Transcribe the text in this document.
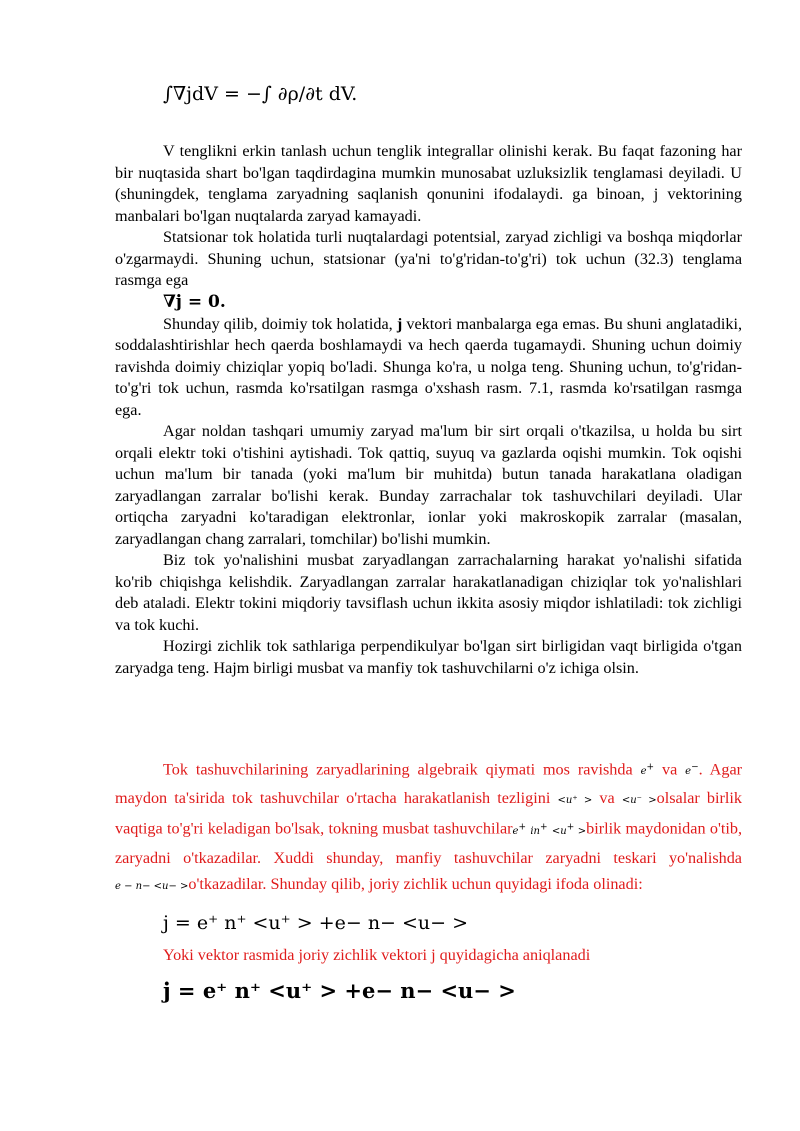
∫∇jdV = −∫ ∂ρ/∂t dV.

V tenglikni erkin tanlash uchun tenglik integrallar olinishi kerak. Bu faqat fazoning har bir nuqtasida shart bo'lgan taqdirdagina mumkin munosabat uzluksizlik tenglamasi deyiladi. U (shuningdek, tenglama zaryadning saqlanish qonunini ifodalaydi. ga binoan, j vektorining manbalari bo'lgan nuqtalarda zaryad kamayadi.

Statsionar tok holatida turli nuqtalardagi potentsial, zaryad zichligi va boshqa miqdorlar o'zgarmaydi. Shuning uchun, statsionar (ya'ni to'g'ridan-to'g'ri) tok uchun (32.3) tenglama rasmga ega

∇j = 0.

Shunday qilib, doimiy tok holatida, j vektori manbalarga ega emas. Bu shuni anglatadiki, soddalashtirishlar hech qaerda boshlamaydi va hech qaerda tugamaydi. Shuning uchun doimiy ravishda doimiy chiziqlar yopiq bo'ladi. Shunga ko'ra, u nolga teng. Shuning uchun, to'g'ridan-to'g'ri tok uchun, rasmda ko'rsatilgan rasmga o'xshash rasm. 7.1, rasmda ko'rsatilgan rasmga ega.

Agar noldan tashqari umumiy zaryad ma'lum bir sirt orqali o'tkazilsa, u holda bu sirt orqali elektr toki o'tishini aytishadi. Tok qattiq, suyuq va gazlarda oqishi mumkin. Tok oqishi uchun ma'lum bir tanada (yoki ma'lum bir muhitda) butun tanada harakatlana oladigan zaryadlangan zarralar bo'lishi kerak. Bunday zarrachalar tok tashuvchilari deyiladi. Ular ortiqcha zaryadni ko'taradigan elektronlar, ionlar yoki makroskopik zarralar (masalan, zaryadlangan chang zarralari, tomchilar) bo'lishi mumkin.

Biz tok yo'nalishini musbat zaryadlangan zarrachalarning harakat yo'nalishi sifatida ko'rib chiqishga kelishdik. Zaryadlangan zarralar harakatlanadigan chiziqlar tok yo'nalishlari deb ataladi. Elektr tokini miqdoriy tavsiflash uchun ikkita asosiy miqdor ishlatiladi: tok zichligi va tok kuchi.

Hozirgi zichlik tok sathlariga perpendikulyar bo'lgan sirt birligidan vaqt birligida o'tgan zaryadga teng. Hajm birligi musbat va manfiy tok tashuvchilarni o'z ichiga olsin.

Tok tashuvchilarining zaryadlarining algebraik qiymati mos ravishda e+ va e−. Agar maydon ta'sirida tok tashuvchilar o'rtacha harakatlanish tezligini <u⁺ > va <u⁻ >olsalar birlik vaqtiga to'g'ri keladigan bo'lsak, tokning musbat tashuvchilare+ in+ <u+ >birlik maydonidan o'tib, zaryadni o'tkazadilar. Xuddi shunday, manfiy tashuvchilar zaryadni teskari yo'nalishda e − n− <u− >o'tkazadilar. Shunday qilib, joriy zichlik uchun quyidagi ifoda olinadi:

j = e⁺ n⁺ <u⁺ > +e− n− <u− >
Yoki vektor rasmida joriy zichlik vektori j quyidagicha aniqlanadi
j = e⁺ n⁺ <u⁺ > +e− n− <u− >
